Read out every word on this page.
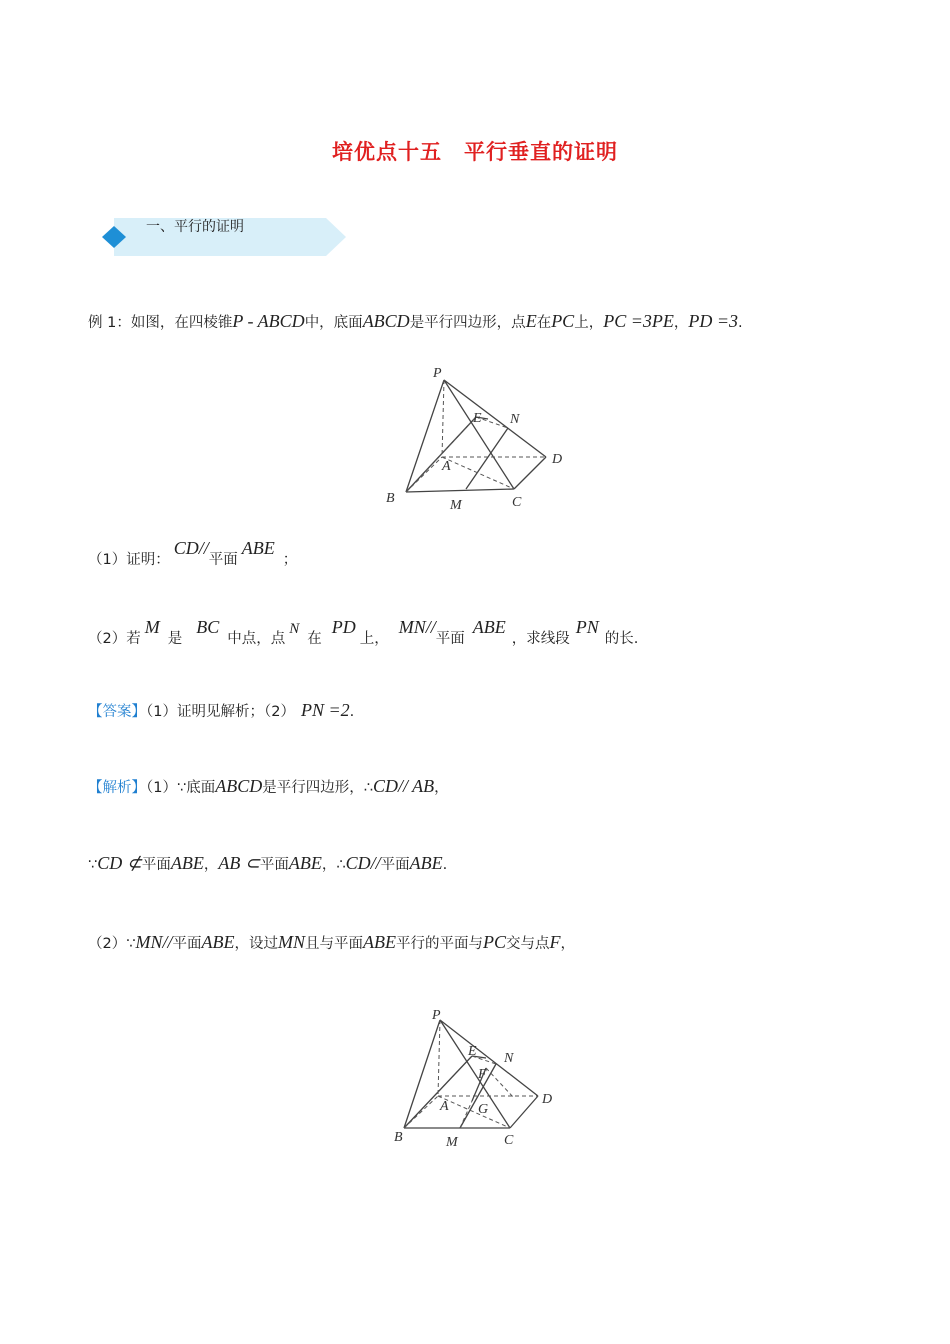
培优点十五　平行垂直的证明
一、平行的证明
例 1：如图，在四棱锥P - ABCD中，底面ABCD是平行四边形，点E在PC上，PC =3PE，PD =3.
P
E N
A	D
B	M	C
（1）证明：CD//平面ABE；
（2）若M是BC中点，点N在PD上，MN//平面ABE，求线段PN的长.
【答案】（1）证明见解析；（2） PN =2.
【解析】（1）∵底面ABCD是平行四边形，∴CD// AB，
∵CD ⊄平面ABE，AB ⊂平面ABE，∴CD//平面ABE.
（2）∵MN//平面ABE，设过MN且与平面ABE平行的平面与PC交与点F，
P
E N
F
A G
D
B	M	C
